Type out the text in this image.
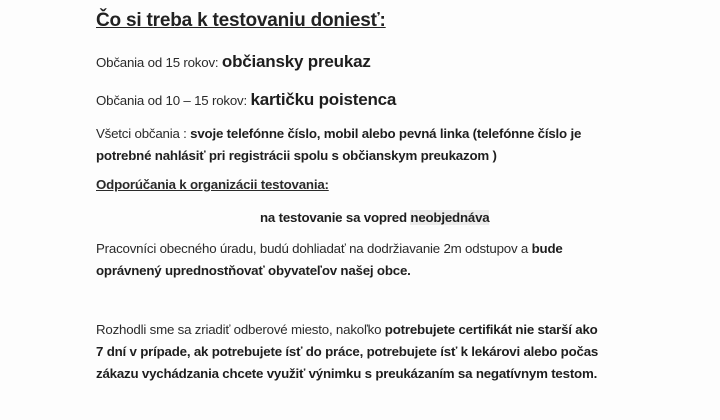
Čo si treba k testovaniu doniesť:
Občania od 15 rokov: občiansky preukaz
Občania od 10 – 15 rokov: kartičku poistenca
Všetci občania : svoje telefónne číslo, mobil alebo pevná linka (telefónne číslo je
potrebné nahlásiť pri registrácii spolu s občianskym preukazom )
Odporúčania k organizácii testovania:
na testovanie sa vopred neobjednáva
Pracovníci obecného úradu, budú dohliadať na dodržiavanie 2m odstupov a bude
oprávnený uprednostňovať obyvateľov našej obce.
Rozhodli sme sa zriadiť odberové miesto, nakoľko potrebujete certifikát nie starší ako
7 dní v prípade, ak potrebujete ísť do práce, potrebujete ísť k lekárovi alebo počas
zákazu vychádzania chcete využiť výnimku s preukázaním sa negatívnym testom.
